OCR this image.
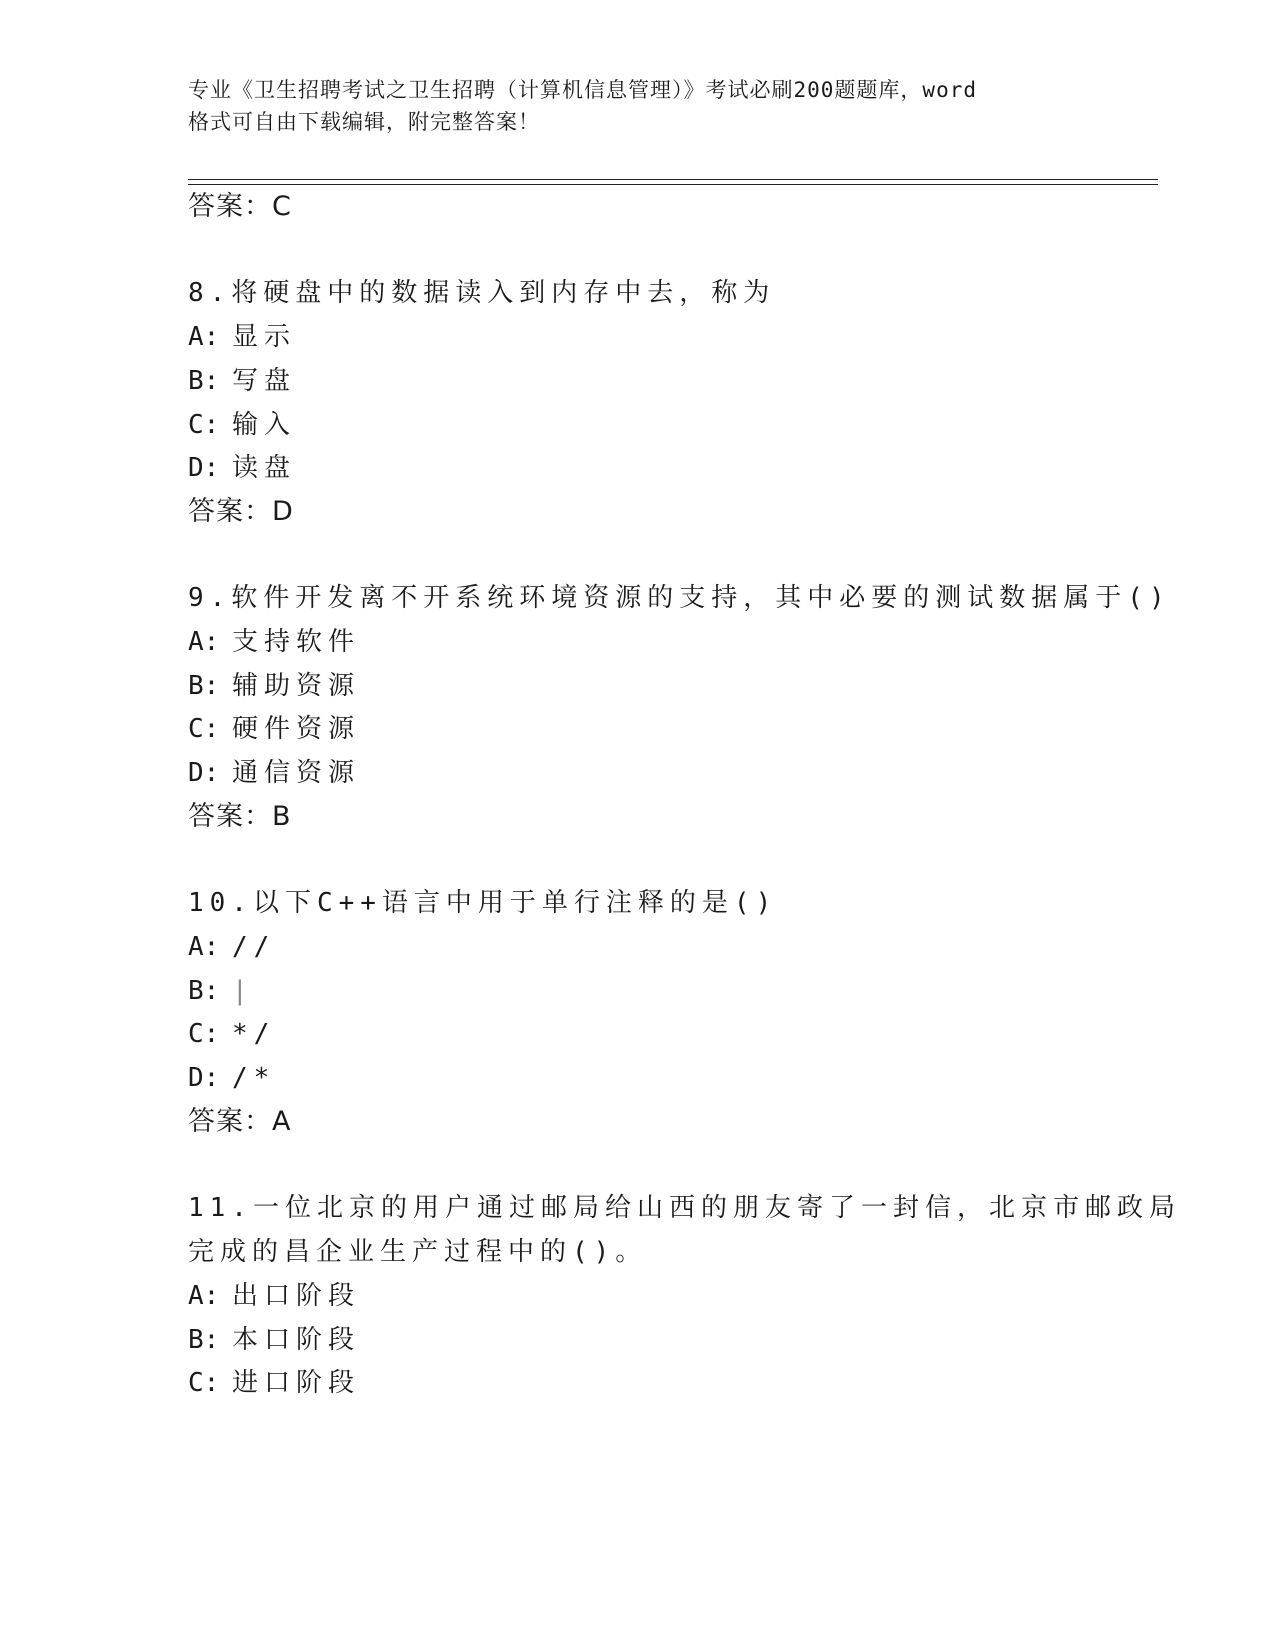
专业《卫生招聘考试之卫生招聘（计算机信息管理）》考试必刷200题题库，word
格式可自由下载编辑，附完整答案！
答案：C
8.将硬盘中的数据读入到内存中去，称为
A: 显示
B: 写盘
C: 输入
D: 读盘
答案：D
9.软件开发离不开系统环境资源的支持，其中必要的测试数据属于()
A: 支持软件
B: 辅助资源
C: 硬件资源
D: 通信资源
答案：B
10.以下C++语言中用于单行注释的是()
A: //
B: |
C: */
D: /*
答案：A
11.一位北京的用户通过邮局给山西的朋友寄了一封信，北京市邮政局
完成的昌企业生产过程中的()。
A: 出口阶段
B: 本口阶段
C: 进口阶段
